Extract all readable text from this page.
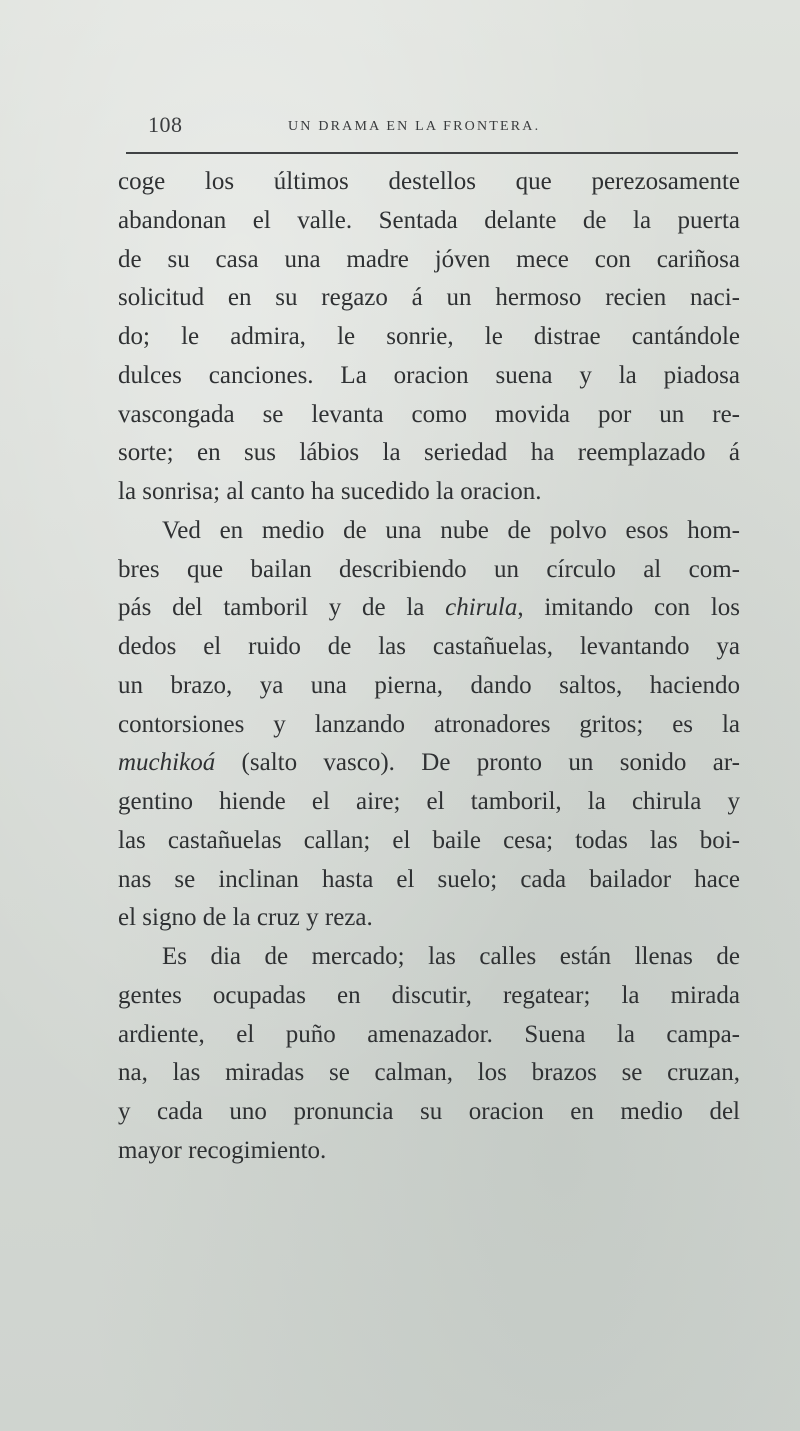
108	UN DRAMA EN LA FRONTERA.
coge los últimos destellos que perezosamente
abandonan el valle. Sentada delante de la puerta
de su casa una madre jóven mece con cariñosa
solicitud en su regazo á un hermoso recien naci-
do; le admira, le sonrie, le distrae cantándole
dulces canciones. La oracion suena y la piadosa
vascongada se levanta como movida por un re-
sorte; en sus lábios la seriedad ha reemplazado á
la sonrisa; al canto ha sucedido la oracion.
Ved en medio de una nube de polvo esos hom-
bres que bailan describiendo un círculo al com-
pás del tamboril y de la chirula, imitando con los
dedos el ruido de las castañuelas, levantando ya
un brazo, ya una pierna, dando saltos, haciendo
contorsiones y lanzando atronadores gritos; es la
muchikoá (salto vasco). De pronto un sonido ar-
gentino hiende el aire; el tamboril, la chirula y
las castañuelas callan; el baile cesa; todas las boi-
nas se inclinan hasta el suelo; cada bailador hace
el signo de la cruz y reza.
Es dia de mercado; las calles están llenas de
gentes ocupadas en discutir, regatear; la mirada
ardiente, el puño amenazador. Suena la campa-
na, las miradas se calman, los brazos se cruzan,
y cada uno pronuncia su oracion en medio del
mayor recogimiento.
